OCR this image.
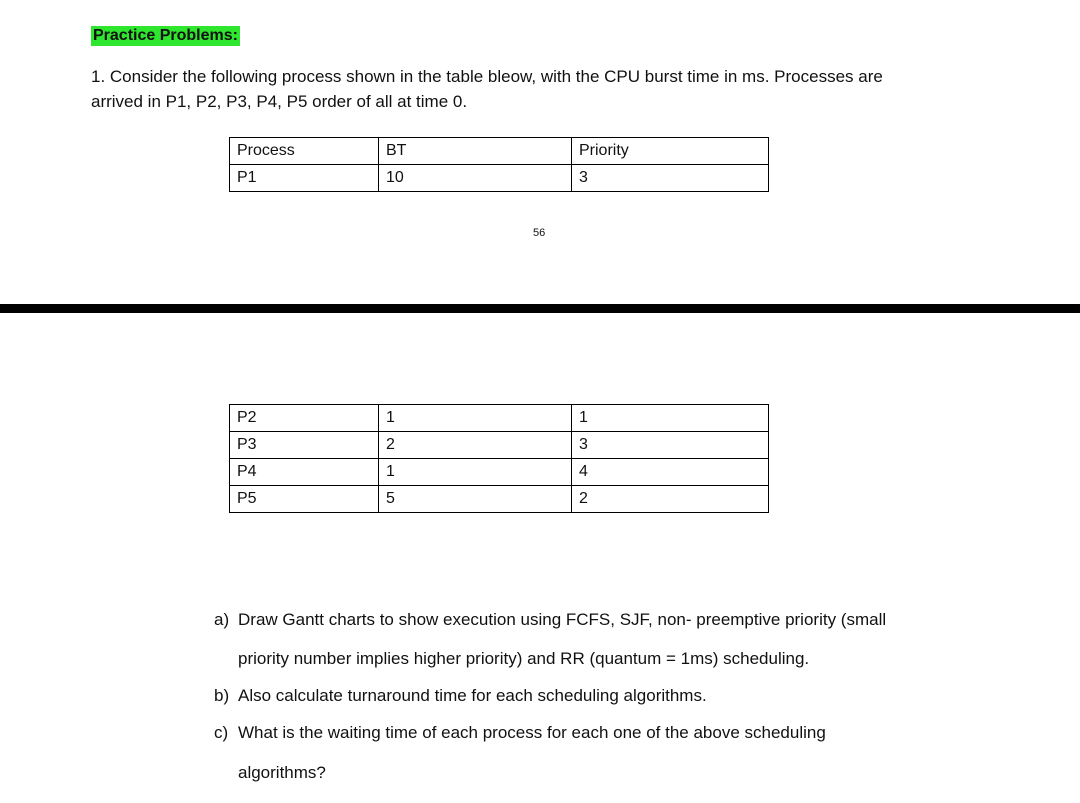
Practice Problems:
1. Consider the following process shown in the table bleow, with the CPU burst time in ms. Processes are
arrived in P1, P2, P3, P4, P5 order of all at time 0.
Process	BT	Priority
P1	10	3
56
P2	1	1
P3	2	3
P4	1	4
P5	5	2
a) Draw Gantt charts to show execution using FCFS, SJF, non- preemptive priority (small
priority number implies higher priority) and RR (quantum = 1ms) scheduling.
b) Also calculate turnaround time for each scheduling algorithms.
c) What is the waiting time of each process for each one of the above scheduling
algorithms?
